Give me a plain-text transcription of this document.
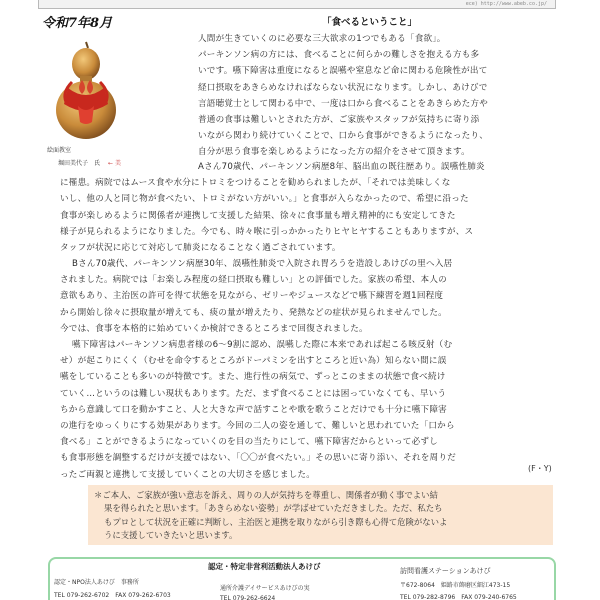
ece) http://www.abeb.co.jp/
令和7年8月
絵面教室
堀田美代子　氏 ← 美
「食べるということ」
人間が生きていくのに必要な三大欲求の1つでもある「食欲」。
パーキンソン病の方には、食べることに何らかの難しさを抱える方も多
いです。嚥下障害は重度になると誤嚥や窒息など命に関わる危険性が出て
経口摂取をあきらめなければならない状況になります。しかし、あけびで
言語聴覚士として関わる中で、一度は口から食べることをあきらめた方や
普通の食事は難しいとされた方が、ご家族やスタッフが気持ちに寄り添
いながら関わり続けていくことで、口から食事ができるようになったり、
自分が思う食事を楽しめるようになった方の紹介をさせて頂きます。
Aさん70歳代、パーキンソン病歴8年、脳出血の既往歴あり。誤嚥性肺炎
に罹患。病院ではムース食や水分にトロミをつけることを勧められましたが、「それでは美味しくな
いし、他の人と同じ物が食べたい、トロミがない方がいい。」と食事が入らなかったので、希望に沿った
食事が楽しめるように関係者が連携して支援した結果、徐々に食事量も増え精神的にも安定してきた
様子が見られるようになりました。今でも、時々喉に引っかかったりヒヤヒヤすることもありますが、ス
タッフが状況に応じて対応して肺炎になることなく過ごされています。
Bさん70歳代、パーキンソン病歴30年、誤嚥性肺炎で入院され胃ろうを造設しあけびの里へ入居
されました。病院では「お楽しみ程度の経口摂取も難しい」との評価でした。家族の希望、本人の
意欲もあり、主治医の許可を得て状態を見ながら、ゼリーやジュースなどで嚥下練習を週1回程度
から開始し徐々に摂取量が増えても、痰の量が増えたり、発熱などの症状が見られませんでした。
今では、食事を本格的に始めていくか検討できるところまで回復されました。
嚥下障害はパーキンソン病患者様の6〜9割に認め、誤嚥した際に本来であれば起こる咳反射（む
せ）が起こりにくく（むせを命令するところがドーパミンを出すところと近い為）知らない間に誤
嚥をしていることも多いのが特徴です。また、進行性の病気で、ずっとこのままの状態で食べ続け
ていく…というのは難しい現状もあります。ただ、まず食べることには困っていなくても、早いう
ちから意識して口を動かすこと、人と大きな声で話すことや歌を歌うことだけでも十分に嚥下障害
の進行をゆっくりにする効果があります。今回の二人の姿を通して、難しいと思われていた「口から
食べる」ことができるようになっていくのを目の当たりにして、嚥下障害だからといって必ずし
も食事形態を調整するだけが支援ではない、「〇〇が食べたい。」その思いに寄り添い、それを周りだ
ったご両親と連携して支援していくことの大切さを感じました。
(F・Y)
＊ご本人、ご家族が強い意志を訴え、周りの人が気持ちを尊重し、関係者が動く事でよい結
果を得られたと思います。「あきらめない姿勢」が学ばせていただきました。ただ、私たち
もプロとして状況を正確に判断し、主治医と連携を取りながら引き際も心得て危険がないよ
うに支援していきたいと思います。
認定・特定非営利活動法人あけび
認定・NPO法人あけび　事務所
TEL 079-262-6702　FAX 079-262-6703
通所介護デイサービスあけびの実
TEL 079-262-6624
訪問看護ステーションあけび
〒672-8064　姫路市飾磨区細江473-15
TEL 079-282-8796　FAX 079-240-6765
